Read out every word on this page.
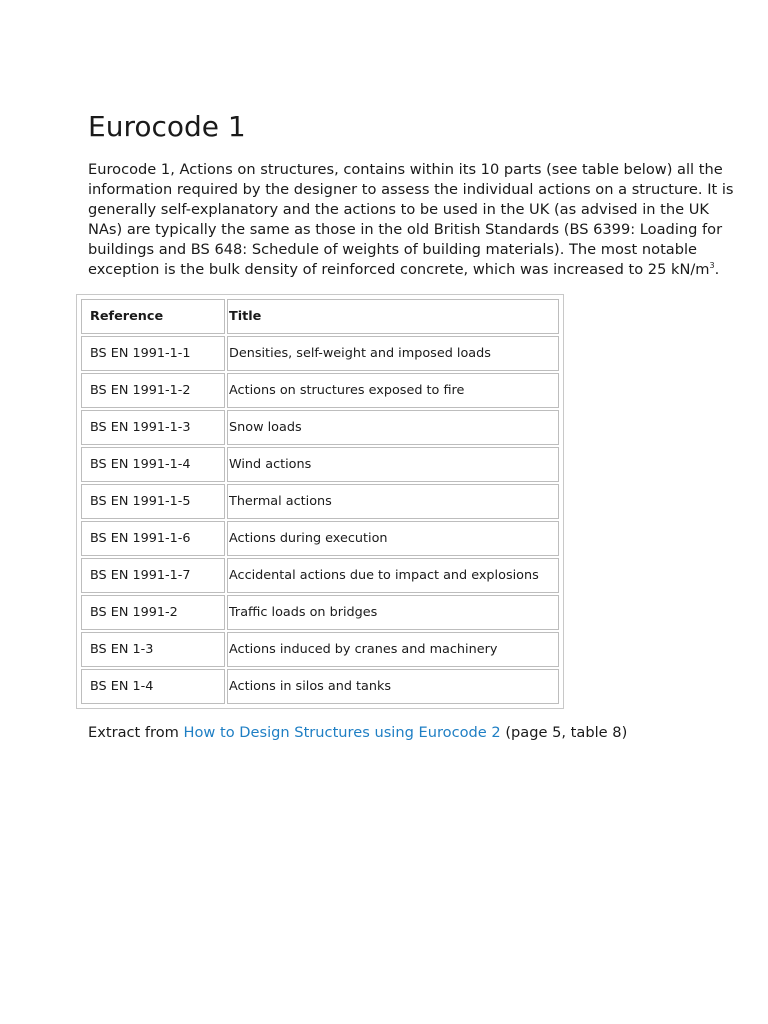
Eurocode 1

Eurocode 1, Actions on structures, contains within its 10 parts (see table below) all the information required by the designer to assess the individual actions on a structure. It is generally self-explanatory and the actions to be used in the UK (as advised in the UK NAs) are typically the same as those in the old British Standards (BS 6399: Loading for buildings and BS 648: Schedule of weights of building materials). The most notable exception is the bulk density of reinforced concrete, which was increased to 25 $kN/m^3$.

Reference	Title
BS EN 1991-1-1	Densities, self-weight and imposed loads
BS EN 1991-1-2	Actions on structures exposed to fire
BS EN 1991-1-3	Snow loads
BS EN 1991-1-4	Wind actions
BS EN 1991-1-5	Thermal actions
BS EN 1991-1-6	Actions during execution
BS EN 1991-1-7	Accidental actions due to impact and explosions
BS EN 1991-2	Traffic loads on bridges
BS EN 1-3	Actions induced by cranes and machinery
BS EN 1-4	Actions in silos and tanks

Extract from How to Design Structures using Eurocode 2 (page 5, table 8)
